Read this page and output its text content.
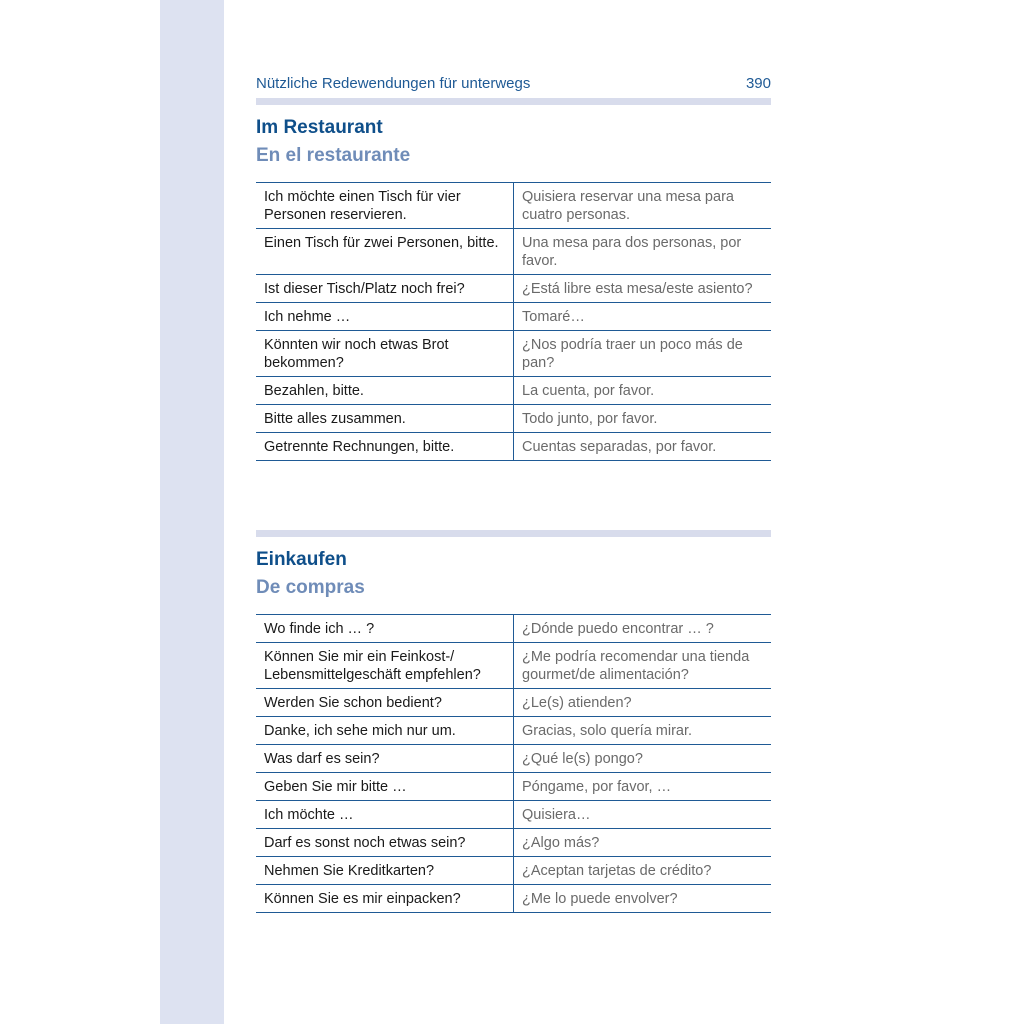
Nützliche Redewendungen für unterwegs	390
Im Restaurant
En el restaurante
Ich möchte einen Tisch für vier Personen reservieren.	Quisiera reservar una mesa para cuatro personas.
Einen Tisch für zwei Personen, bitte.	Una mesa para dos personas, por favor.
Ist dieser Tisch/Platz noch frei?	¿Está libre esta mesa/este asiento?
Ich nehme …	Tomaré…
Könnten wir noch etwas Brot bekommen?	¿Nos podría traer un poco más de pan?
Bezahlen, bitte.	La cuenta, por favor.
Bitte alles zusammen.	Todo junto, por favor.
Getrennte Rechnungen, bitte.	Cuentas separadas, por favor.
Einkaufen
De compras
Wo finde ich … ?	¿Dónde puedo encontrar … ?
Können Sie mir ein Feinkost-/ Lebensmittelgeschäft empfehlen?	¿Me podría recomendar una tienda gourmet/de alimentación?
Werden Sie schon bedient?	¿Le(s) atienden?
Danke, ich sehe mich nur um.	Gracias, solo quería mirar.
Was darf es sein?	¿Qué le(s) pongo?
Geben Sie mir bitte …	Póngame, por favor, …
Ich möchte …	Quisiera…
Darf es sonst noch etwas sein?	¿Algo más?
Nehmen Sie Kreditkarten?	¿Aceptan tarjetas de crédito?
Können Sie es mir einpacken?	¿Me lo puede envolver?
